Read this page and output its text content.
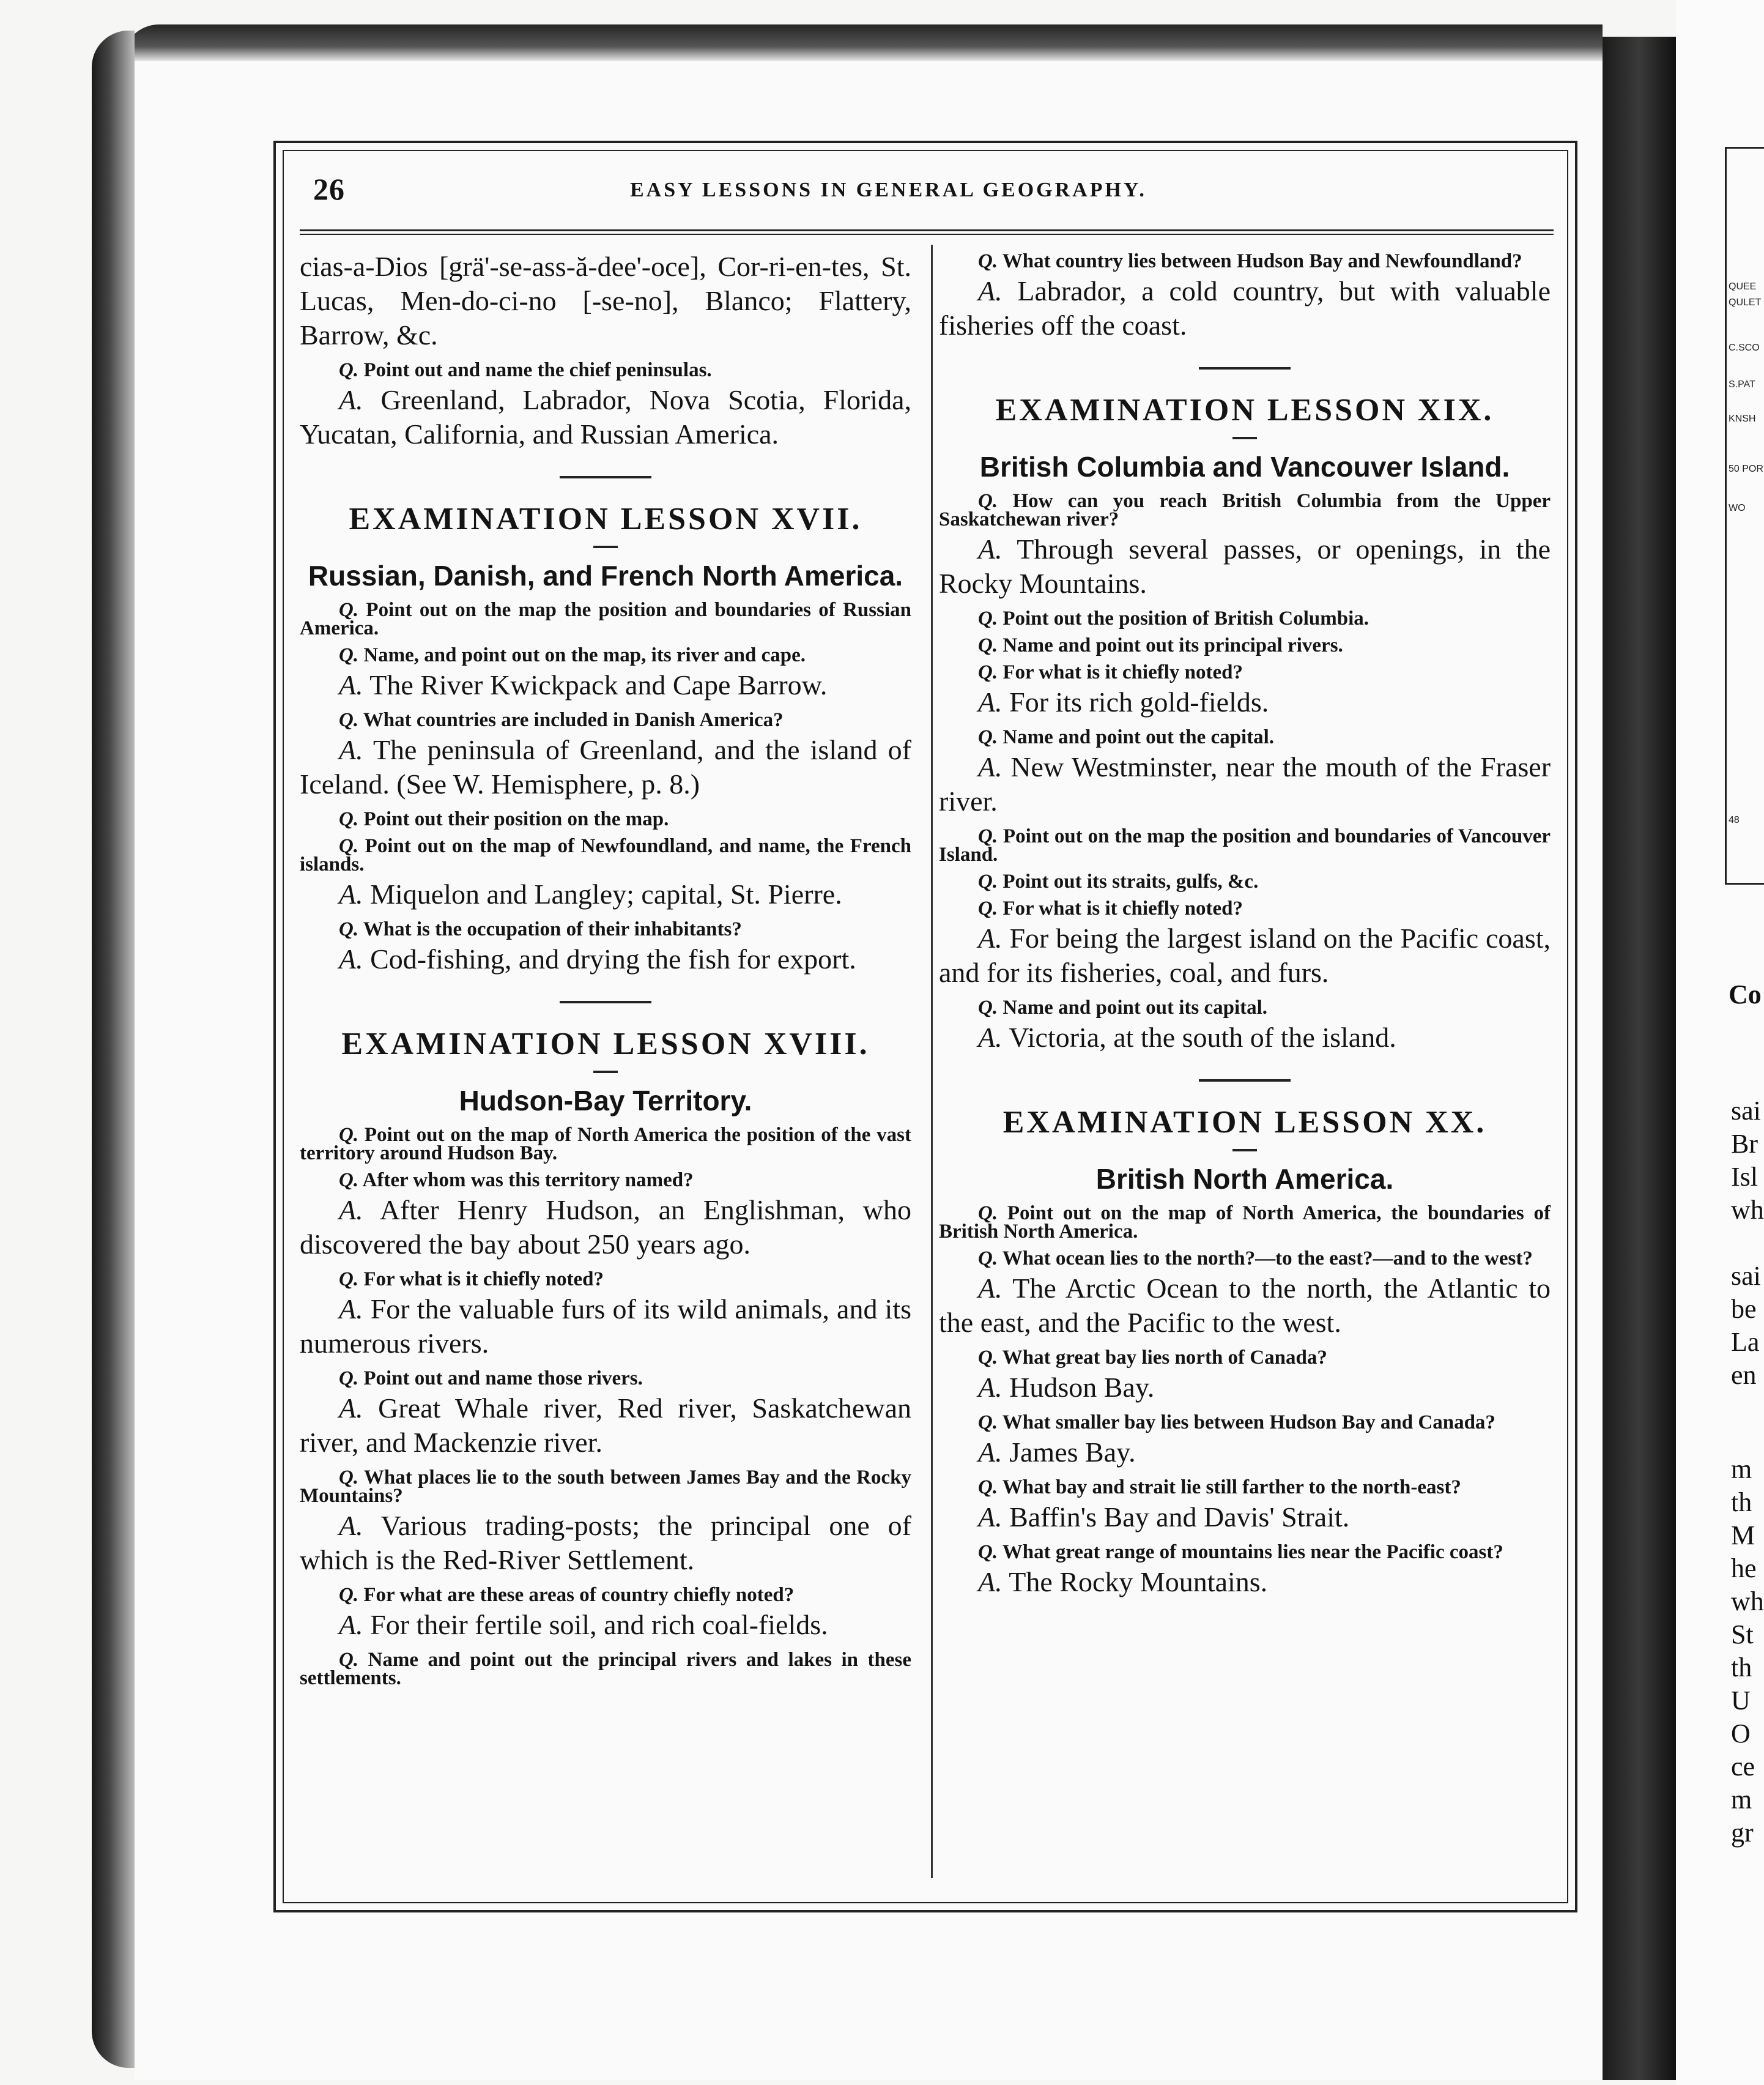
QUEE
QULET
C.SCO
S.PAT
KNSH
50 POR
WO
48
Co
sai
Br
Isl
wh
sai
be
La
en
m
th
M
he
wh
St
th
U
O
ce
m
gr
26	EASY LESSONS IN GENERAL GEOGRAPHY.

cias-a-Dios [grä'-se-ass-ă-dee'-oce], Cor-ri-en-tes, St. Lucas, Men-do-ci-no [-se-no], Blanco; Flattery, Barrow, &c.

Q. Point out and name the chief peninsulas.

A. Greenland, Labrador, Nova Scotia, Florida, Yucatan, California, and Russian America.

EXAMINATION LESSON XVII.
Russian, Danish, and French North America.

Q. Point out on the map the position and boundaries of Russian America.

Q. Name, and point out on the map, its river and cape.

A. The River Kwickpack and Cape Barrow.

Q. What countries are included in Danish America?

A. The peninsula of Greenland, and the island of Iceland. (See W. Hemisphere, p. 8.)

Q. Point out their position on the map.

Q. Point out on the map of Newfoundland, and name, the French islands.

A. Miquelon and Langley; capital, St. Pierre.

Q. What is the occupation of their inhabitants?

A. Cod-fishing, and drying the fish for export.

EXAMINATION LESSON XVIII.
Hudson-Bay Territory.

Q. Point out on the map of North America the position of the vast territory around Hudson Bay.

Q. After whom was this territory named?

A. After Henry Hudson, an Englishman, who discovered the bay about 250 years ago.

Q. For what is it chiefly noted?

A. For the valuable furs of its wild animals, and its numerous rivers.

Q. Point out and name those rivers.

A. Great Whale river, Red river, Saskatchewan river, and Mackenzie river.

Q. What places lie to the south between James Bay and the Rocky Mountains?

A. Various trading-posts; the principal one of which is the Red-River Settlement.

Q. For what are these areas of country chiefly noted?

A. For their fertile soil, and rich coal-fields.

Q. Name and point out the principal rivers and lakes in these settlements.

Q. What country lies between Hudson Bay and Newfoundland?

A. Labrador, a cold country, but with valuable fisheries off the coast.

EXAMINATION LESSON XIX.
British Columbia and Vancouver Island.

Q. How can you reach British Columbia from the Upper Saskatchewan river?

A. Through several passes, or openings, in the Rocky Mountains.

Q. Point out the position of British Columbia.

Q. Name and point out its principal rivers.

Q. For what is it chiefly noted?

A. For its rich gold-fields.

Q. Name and point out the capital.

A. New Westminster, near the mouth of the Fraser river.

Q. Point out on the map the position and boundaries of Vancouver Island.

Q. Point out its straits, gulfs, &c.

Q. For what is it chiefly noted?

A. For being the largest island on the Pacific coast, and for its fisheries, coal, and furs.

Q. Name and point out its capital.

A. Victoria, at the south of the island.

EXAMINATION LESSON XX.
British North America.

Q. Point out on the map of North America, the boundaries of British North America.

Q. What ocean lies to the north?—to the east?—and to the west?

A. The Arctic Ocean to the north, the Atlantic to the east, and the Pacific to the west.

Q. What great bay lies north of Canada?

A. Hudson Bay.

Q. What smaller bay lies between Hudson Bay and Canada?

A. James Bay.

Q. What bay and strait lie still farther to the north-east?

A. Baffin's Bay and Davis' Strait.

Q. What great range of mountains lies near the Pacific coast?

A. The Rocky Mountains.
